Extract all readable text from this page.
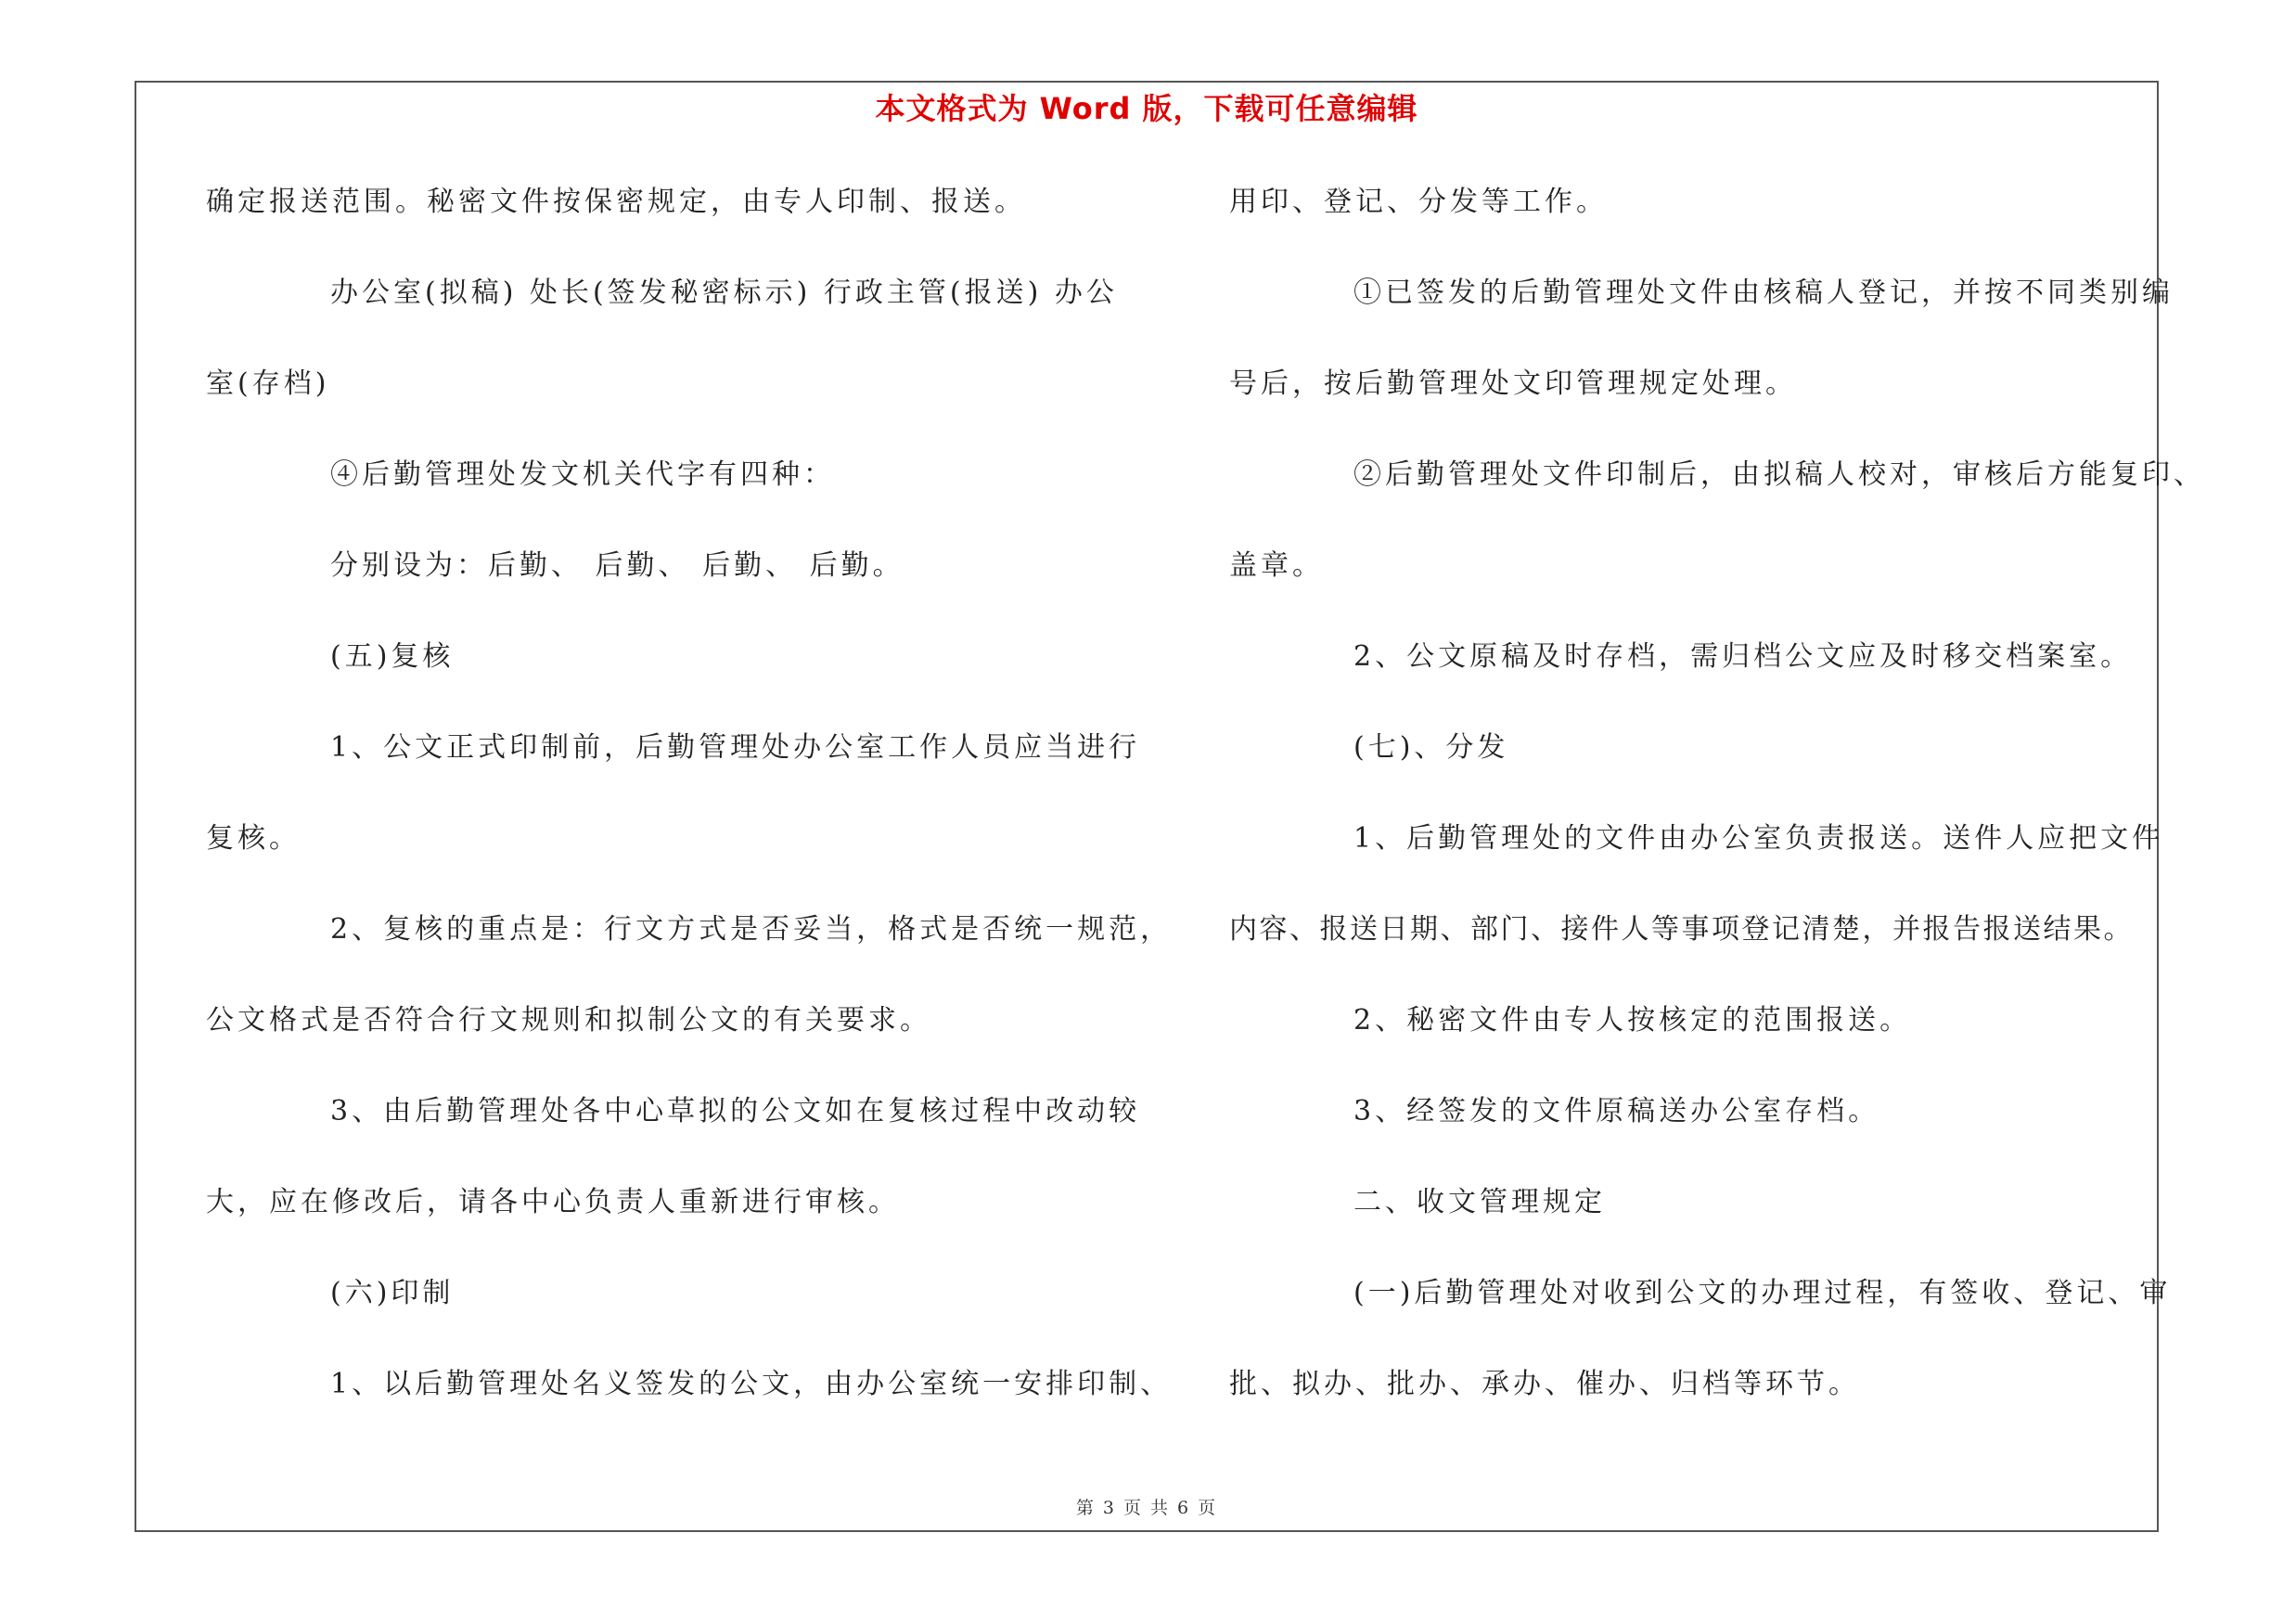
本文格式为 Word 版，下载可任意编辑
确定报送范围。秘密文件按保密规定，由专人印制、报送。
办公室(拟稿) 处长(签发秘密标示) 行政主管(报送) 办公
室(存档)
④后勤管理处发文机关代字有四种：
分别设为：后勤、 后勤、 后勤、 后勤。
(五)复核
1、公文正式印制前，后勤管理处办公室工作人员应当进行
复核。
2、复核的重点是：行文方式是否妥当，格式是否统一规范，
公文格式是否符合行文规则和拟制公文的有关要求。
3、由后勤管理处各中心草拟的公文如在复核过程中改动较
大，应在修改后，请各中心负责人重新进行审核。
(六)印制
1、以后勤管理处名义签发的公文，由办公室统一安排印制、
用印、登记、分发等工作。
①已签发的后勤管理处文件由核稿人登记，并按不同类别编
号后，按后勤管理处文印管理规定处理。
②后勤管理处文件印制后，由拟稿人校对，审核后方能复印、
盖章。
2、公文原稿及时存档，需归档公文应及时移交档案室。
(七)、分发
1、后勤管理处的文件由办公室负责报送。送件人应把文件
内容、报送日期、部门、接件人等事项登记清楚，并报告报送结果。
2、秘密文件由专人按核定的范围报送。
3、经签发的文件原稿送办公室存档。
二、收文管理规定
(一)后勤管理处对收到公文的办理过程，有签收、登记、审
批、拟办、批办、承办、催办、归档等环节。
第 3 页 共 6 页
